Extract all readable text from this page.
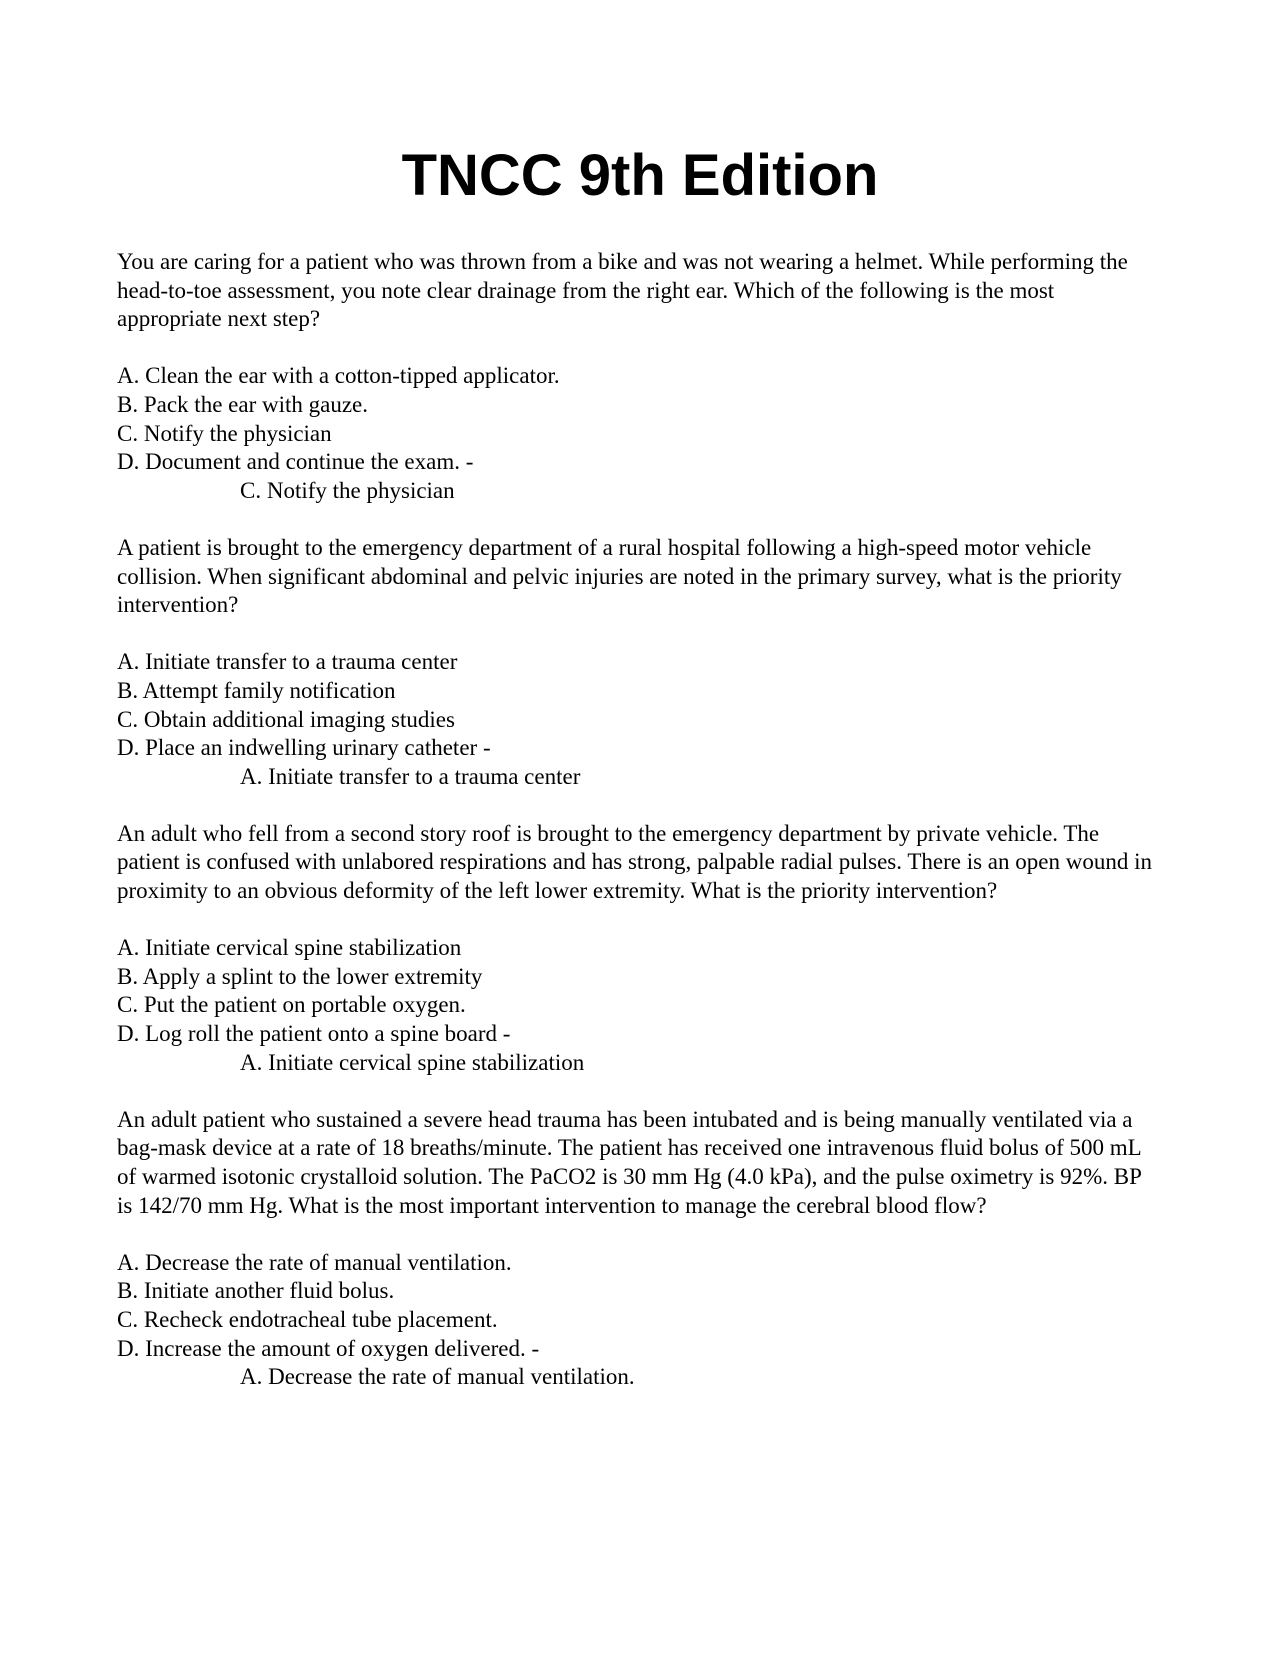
TNCC 9th Edition

You are caring for a patient who was thrown from a bike and was not wearing a helmet. While performing the head-to-toe assessment, you note clear drainage from the right ear. Which of the following is the most appropriate next step?

A. Clean the ear with a cotton-tipped applicator.
B. Pack the ear with gauze.
C. Notify the physician
D. Document and continue the exam. -

C. Notify the physician

A patient is brought to the emergency department of a rural hospital following a high-speed motor vehicle collision. When significant abdominal and pelvic injuries are noted in the primary survey, what is the priority intervention?

A. Initiate transfer to a trauma center
B. Attempt family notification
C. Obtain additional imaging studies
D. Place an indwelling urinary catheter -

A. Initiate transfer to a trauma center

An adult who fell from a second story roof is brought to the emergency department by private vehicle. The patient is confused with unlabored respirations and has strong, palpable radial pulses. There is an open wound in proximity to an obvious deformity of the left lower extremity. What is the priority intervention?

A. Initiate cervical spine stabilization
B. Apply a splint to the lower extremity
C. Put the patient on portable oxygen.
D. Log roll the patient onto a spine board -

A. Initiate cervical spine stabilization

An adult patient who sustained a severe head trauma has been intubated and is being manually ventilated via a bag-mask device at a rate of 18 breaths/minute. The patient has received one intravenous fluid bolus of 500 mL of warmed isotonic crystalloid solution. The PaCO2 is 30 mm Hg (4.0 kPa), and the pulse oximetry is 92%. BP is 142/70 mm Hg. What is the most important intervention to manage the cerebral blood flow?

A. Decrease the rate of manual ventilation.
B. Initiate another fluid bolus.
C. Recheck endotracheal tube placement.
D. Increase the amount of oxygen delivered. -

A. Decrease the rate of manual ventilation.
